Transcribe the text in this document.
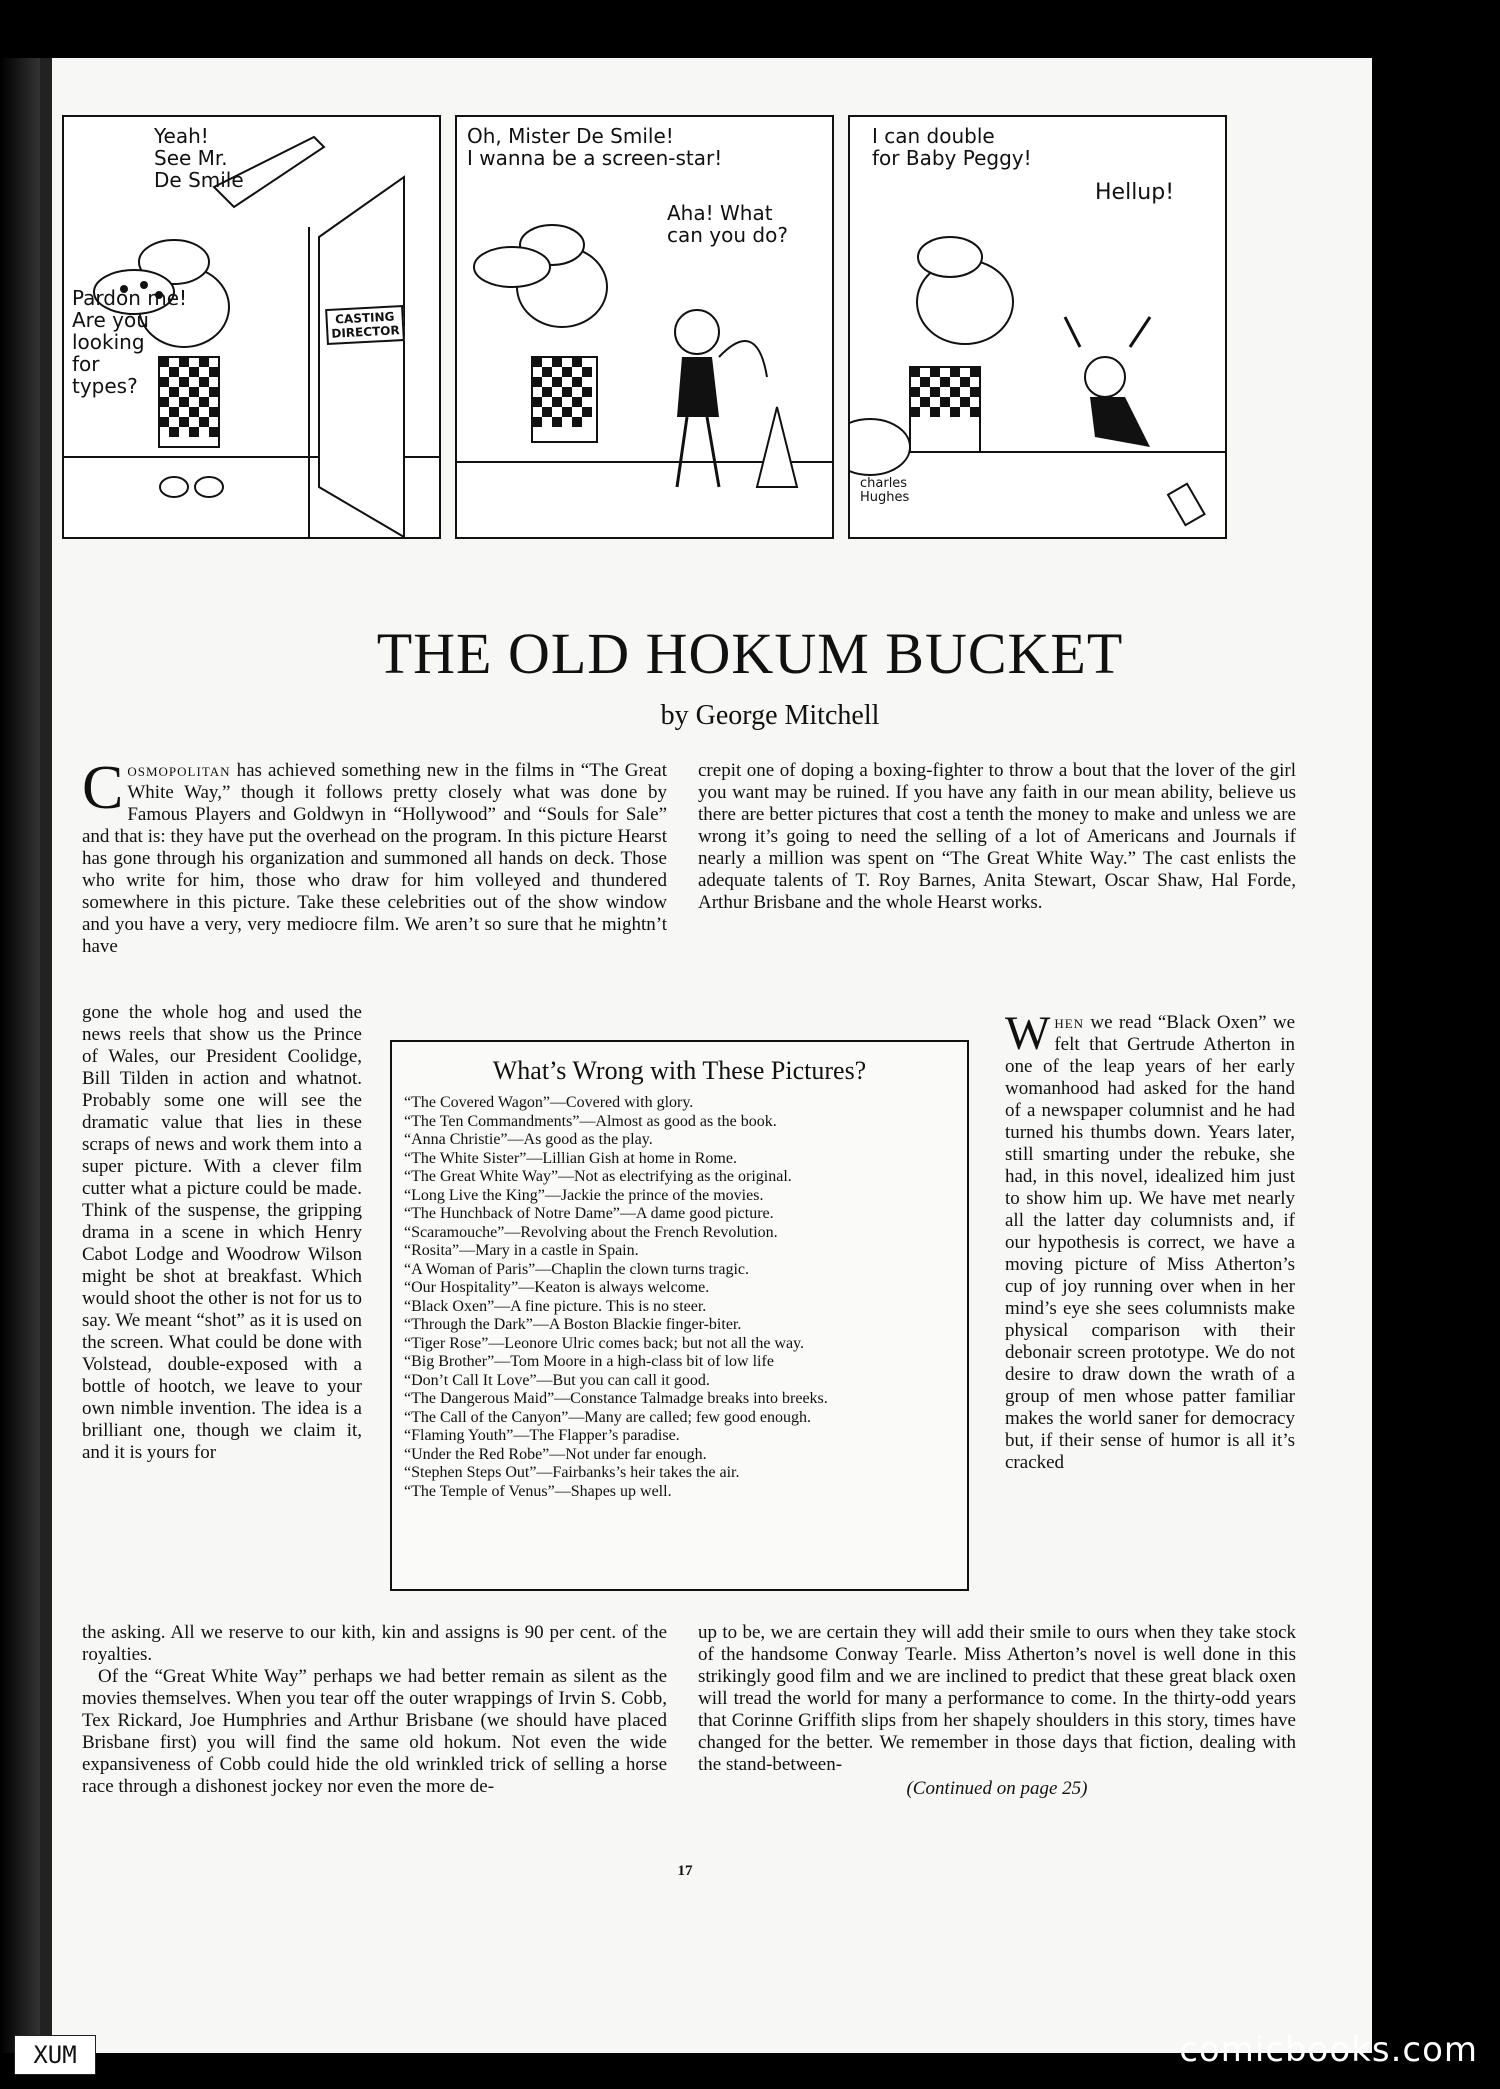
Yeah!
See Mr.
De Smile
Pardon me!
Are you
looking
for
types?
CASTING
DIRECTOR
Oh, Mister De Smile!
I wanna be a screen-star!
Aha! What
can you do?
I can double
for Baby Peggy!
Hellup!
charles
Hughes
THE OLD HOKUM BUCKET
by George Mitchell

Cosmopolitan has achieved something new in the films in “The Great White Way,” though it follows pretty closely what was done by Famous Players and Goldwyn in “Hollywood” and “Souls for Sale” and that is: they have put the overhead on the program. In this picture Hearst has gone through his organization and summoned all hands on deck. Those who write for him, those who draw for him volleyed and thundered somewhere in this picture. Take these celebrities out of the show window and you have a very, very mediocre film. We aren’t so sure that he mightn’t have

gone the whole hog and used the news reels that show us the Prince of Wales, our President Coolidge, Bill Tilden in action and whatnot. Probably some one will see the dramatic value that lies in these scraps of news and work them into a super picture. With a clever film cutter what a picture could be made. Think of the suspense, the gripping drama in a scene in which Henry Cabot Lodge and Woodrow Wilson might be shot at breakfast. Which would shoot the other is not for us to say. We meant “shot” as it is used on the screen. What could be done with Volstead, double-exposed with a bottle of hootch, we leave to your own nimble invention. The idea is a brilliant one, though we claim it, and it is yours for

the asking. All we reserve to our kith, kin and assigns is 90 per cent. of the royalties.

Of the “Great White Way” perhaps we had better remain as silent as the movies themselves. When you tear off the outer wrappings of Irvin S. Cobb, Tex Rickard, Joe Humphries and Arthur Brisbane (we should have placed Brisbane first) you will find the same old hokum. Not even the wide expansiveness of Cobb could hide the old wrinkled trick of selling a horse race through a dishonest jockey nor even the more de-

crepit one of doping a boxing-fighter to throw a bout that the lover of the girl you want may be ruined. If you have any faith in our mean ability, believe us there are better pictures that cost a tenth the money to make and unless we are wrong it’s going to need the selling of a lot of Americans and Journals if nearly a million was spent on “The Great White Way.” The cast enlists the adequate talents of T. Roy Barnes, Anita Stewart, Oscar Shaw, Hal Forde, Arthur Brisbane and the whole Hearst works.

When we read “Black Oxen” we felt that Gertrude Atherton in one of the leap years of her early womanhood had asked for the hand of a newspaper columnist and he had turned his thumbs down. Years later, still smarting under the rebuke, she had, in this novel, idealized him just to show him up. We have met nearly all the latter day columnists and, if our hypothesis is correct, we have a moving picture of Miss Atherton’s cup of joy running over when in her mind’s eye she sees columnists make physical comparison with their debonair screen prototype. We do not desire to draw down the wrath of a group of men whose patter familiar makes the world saner for democracy but, if their sense of humor is all it’s cracked

up to be, we are certain they will add their smile to ours when they take stock of the handsome Conway Tearle. Miss Atherton’s novel is well done in this strikingly good film and we are inclined to predict that these great black oxen will tread the world for many a performance to come. In the thirty-odd years that Corinne Griffith slips from her shapely shoulders in this story, times have changed for the better. We remember in those days that fiction, dealing with the stand-between-

(Continued on page 25)

What’s Wrong with These Pictures?
“The Covered Wagon”—Covered with glory.
“The Ten Commandments”—Almost as good as the book.
“Anna Christie”—As good as the play.
“The White Sister”—Lillian Gish at home in Rome.
“The Great White Way”—Not as electrifying as the original.
“Long Live the King”—Jackie the prince of the movies.
“The Hunchback of Notre Dame”—A dame good picture.
“Scaramouche”—Revolving about the French Revolution.
“Rosita”—Mary in a castle in Spain.
“A Woman of Paris”—Chaplin the clown turns tragic.
“Our Hospitality”—Keaton is always welcome.
“Black Oxen”—A fine picture. This is no steer.
“Through the Dark”—A Boston Blackie finger-biter.
“Tiger Rose”—Leonore Ulric comes back; but not all the way.
“Big Brother”—Tom Moore in a high-class bit of low life
“Don’t Call It Love”—But you can call it good.
“The Dangerous Maid”—Constance Talmadge breaks into breeks.
“The Call of the Canyon”—Many are called; few good enough.
“Flaming Youth”—The Flapper’s paradise.
“Under the Red Robe”—Not under far enough.
“Stephen Steps Out”—Fairbanks’s heir takes the air.
“The Temple of Venus”—Shapes up well.
17
XUM	comicbooks.com
